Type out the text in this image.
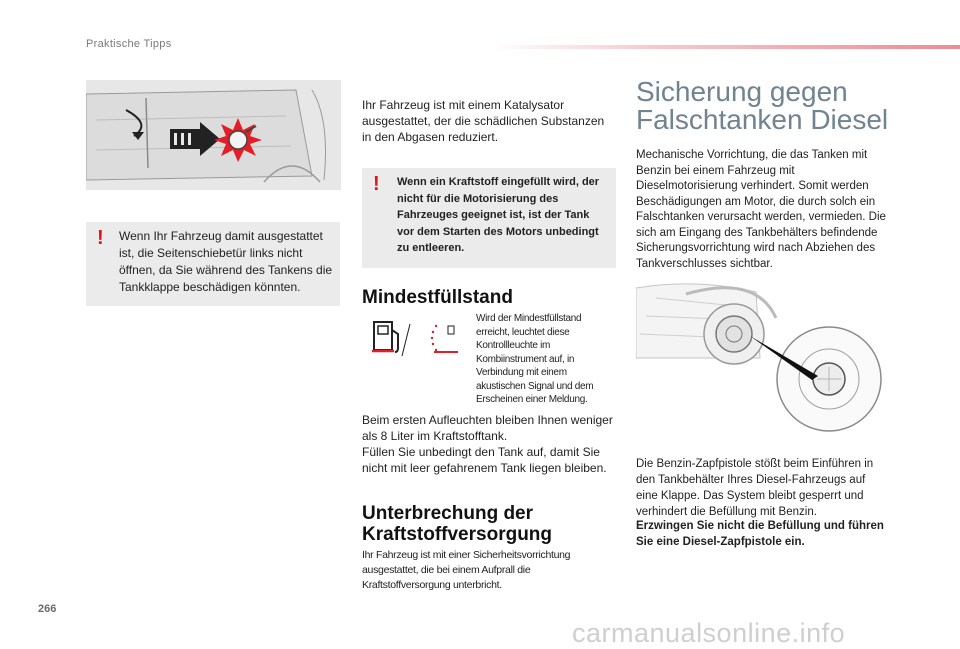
Praktische Tipps
! Wenn Ihr Fahrzeug damit ausgestattet ist, die Seitenschiebetür links nicht öffnen, da Sie während des Tankens die Tankklappe beschädigen könnten.
Ihr Fahrzeug ist mit einem Katalysator ausgestattet, der die schädlichen Substanzen in den Abgasen reduziert.
! Wenn ein Kraftstoff eingefüllt wird, der nicht für die Motorisierung des Fahrzeuges geeignet ist, ist der Tank vor dem Starten des Motors unbedingt zu entleeren.
Mindestfüllstand
Wird der Mindestfüllstand erreicht, leuchtet diese Kontrollleuchte im Kombiinstrument auf, in Verbindung mit einem akustischen Signal und dem Erscheinen einer Meldung.
Beim ersten Aufleuchten bleiben Ihnen weniger als 8 Liter im Kraftstofftank.
Füllen Sie unbedingt den Tank auf, damit Sie nicht mit leer gefahrenem Tank liegen bleiben.
Unterbrechung der Kraftstoffversorgung
Ihr Fahrzeug ist mit einer Sicherheitsvorrichtung ausgestattet, die bei einem Aufprall die Kraftstoffversorgung unterbricht.
Sicherung gegen Falschtanken Diesel
Mechanische Vorrichtung, die das Tanken mit Benzin bei einem Fahrzeug mit Dieselmotorisierung verhindert. Somit werden Beschädigungen am Motor, die durch solch ein Falschtanken verursacht werden, vermieden. Die sich am Eingang des Tankbehälters befindende Sicherungsvorrichtung wird nach Abziehen des Tankverschlusses sichtbar.
Die Benzin-Zapfpistole stößt beim Einführen in den Tankbehälter Ihres Diesel-Fahrzeugs auf eine Klappe. Das System bleibt gesperrt und verhindert die Befüllung mit Benzin.
Erzwingen Sie nicht die Befüllung und führen Sie eine Diesel-Zapfpistole ein.
266
carmanualsonline.info
